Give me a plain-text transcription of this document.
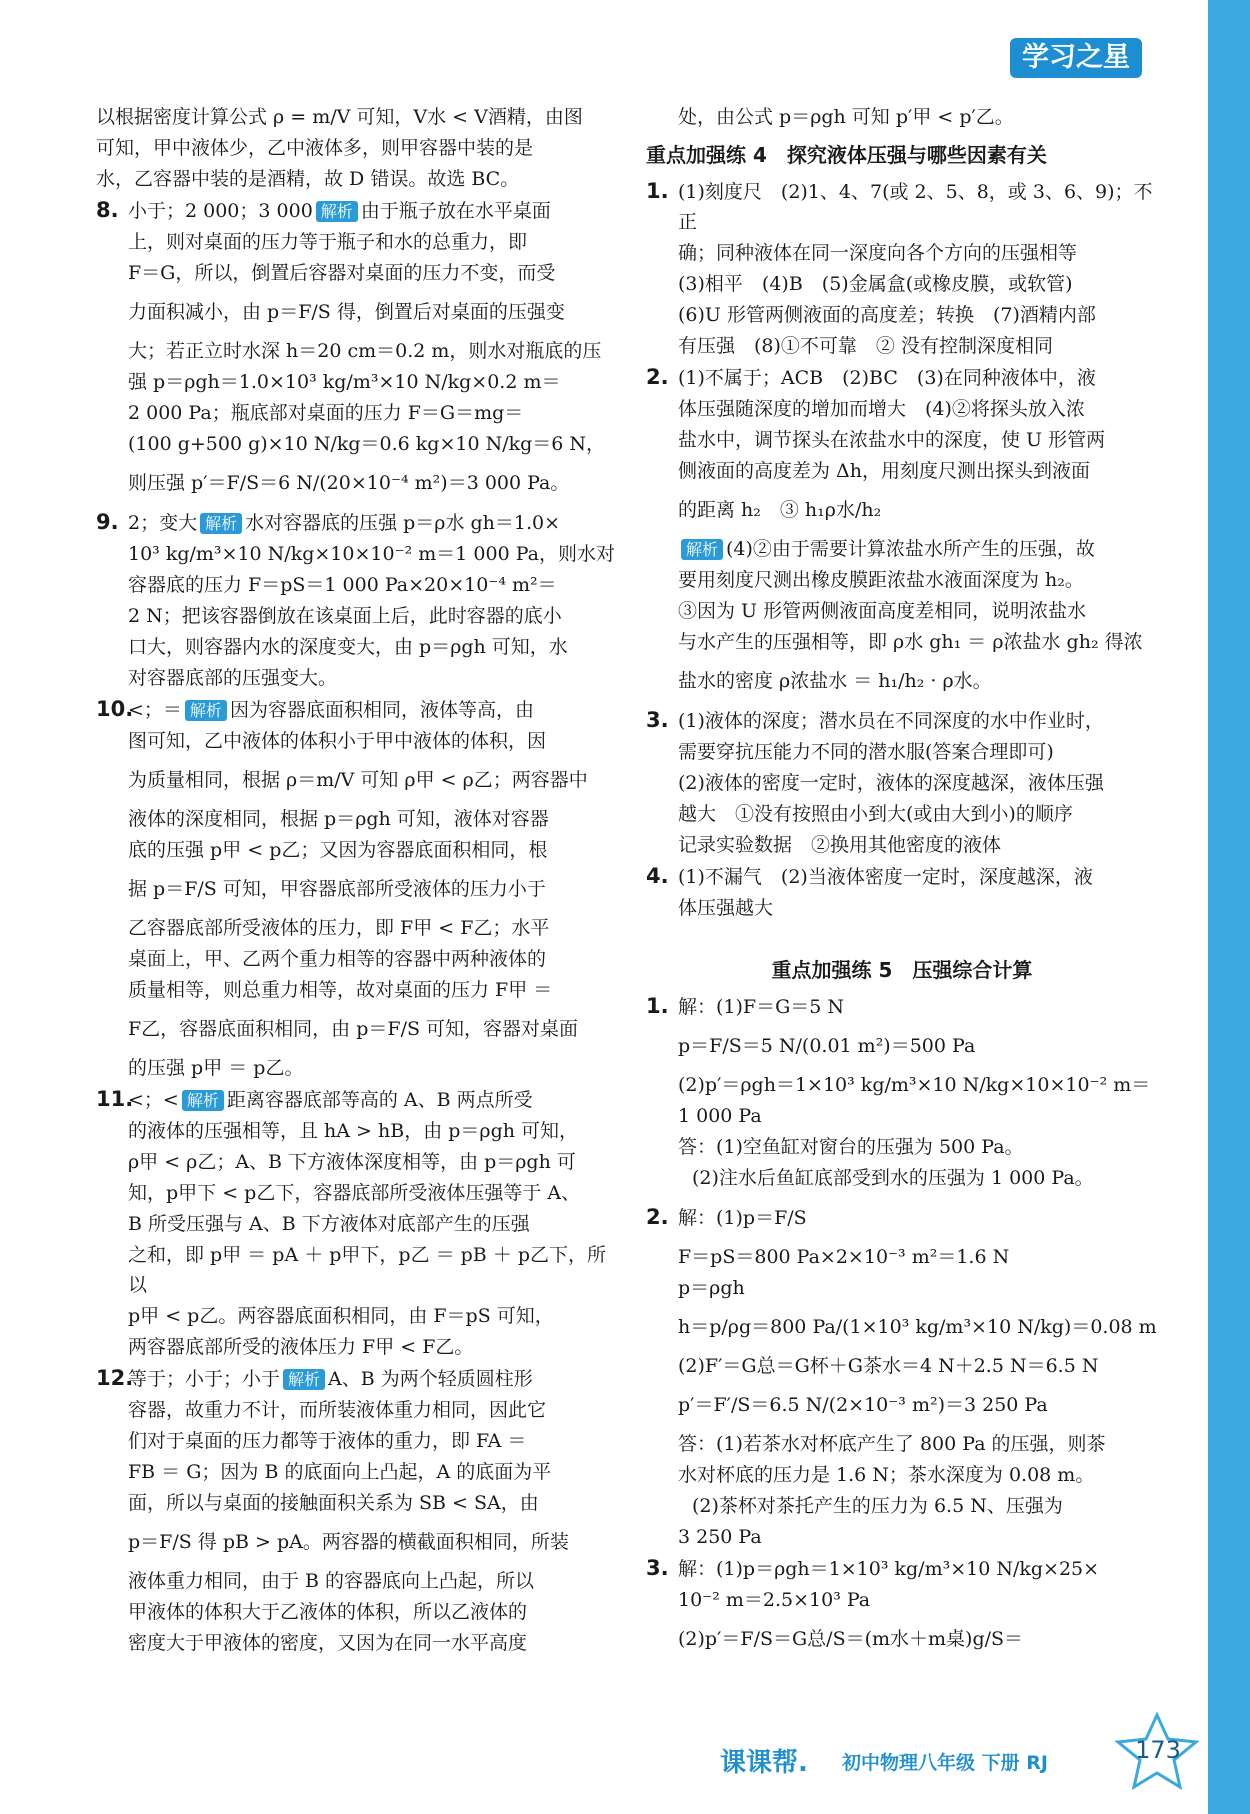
学习之星

以根据密度计算公式 ρ = m/V 可知，V水 < V酒精，由图

可知，甲中液体少，乙中液体多，则甲容器中装的是

水，乙容器中装的是酒精，故 D 错误。故选 BC。

8. 小于；2 000；3 000 解析 由于瓶子放在水平桌面

上，则对桌面的压力等于瓶子和水的总重力，即

F＝G，所以，倒置后容器对桌面的压力不变，而受

力面积减小，由 p＝F/S 得，倒置后对桌面的压强变

大；若正立时水深 h＝20 cm＝0.2 m，则水对瓶底的压

强 p＝ρgh＝1.0×10³ kg/m³×10 N/kg×0.2 m＝

2 000 Pa；瓶底部对桌面的压力 F＝G＝mg＝

(100 g+500 g)×10 N/kg＝0.6 kg×10 N/kg＝6 N，

则压强 p′＝F/S＝6 N/(20×10⁻⁴ m²)＝3 000 Pa。

9. 2；变大 解析 水对容器底的压强 p＝ρ水 gh＝1.0×

10³ kg/m³×10 N/kg×10×10⁻² m＝1 000 Pa，则水对

容器底的压力 F＝pS＝1 000 Pa×20×10⁻⁴ m²＝

2 N；把该容器倒放在该桌面上后，此时容器的底小

口大，则容器内水的深度变大，由 p＝ρgh 可知，水

对容器底部的压强变大。

10.<；＝ 解析 因为容器底面积相同，液体等高，由

图可知，乙中液体的体积小于甲中液体的体积，因

为质量相同，根据 ρ＝m/V 可知 ρ甲 < ρ乙；两容器中

液体的深度相同，根据 p＝ρgh 可知，液体对容器

底的压强 p甲 < p乙；又因为容器底面积相同，根

据 p＝F/S 可知，甲容器底部所受液体的压力小于

乙容器底部所受液体的压力，即 F甲 < F乙；水平

桌面上，甲、乙两个重力相等的容器中两种液体的

质量相等，则总重力相等，故对桌面的压力 F甲 ＝

F乙，容器底面积相同，由 p＝F/S 可知，容器对桌面

的压强 p甲 ＝ p乙。

11.<；< 解析 距离容器底部等高的 A、B 两点所受

的液体的压强相等，且 hA > hB，由 p＝ρgh 可知，

ρ甲 < ρ乙；A、B 下方液体深度相等，由 p＝ρgh 可

知，p甲下 < p乙下，容器底部所受液体压强等于 A、

B 所受压强与 A、B 下方液体对底部产生的压强

之和，即 p甲 ＝ pA ＋ p甲下，p乙 ＝ pB ＋ p乙下，所以

p甲 < p乙。两容器底面积相同，由 F＝pS 可知，

两容器底部所受的液体压力 F甲 < F乙。

12.等于；小于；小于 解析 A、B 为两个轻质圆柱形

容器，故重力不计，而所装液体重力相同，因此它

们对于桌面的压力都等于液体的重力，即 FA ＝

FB ＝ G；因为 B 的底面向上凸起，A 的底面为平

面，所以与桌面的接触面积关系为 SB < SA，由

p＝F/S 得 pB > pA。两容器的横截面积相同，所装

液体重力相同，由于 B 的容器底向上凸起，所以

甲液体的体积大于乙液体的体积，所以乙液体的

密度大于甲液体的密度，又因为在同一水平高度

处，由公式 p＝ρgh 可知 p′甲 < p′乙。

重点加强练 4　探究液体压强与哪些因素有关

1. (1)刻度尺　(2)1、4、7(或 2、5、8，或 3、6、9)；不正

确；同种液体在同一深度向各个方向的压强相等

(3)相平　(4)B　(5)金属盒(或橡皮膜，或软管)

(6)U 形管两侧液面的高度差；转换　(7)酒精内部

有压强　(8)①不可靠　② 没有控制深度相同

2. (1)不属于；ACB　(2)BC　(3)在同种液体中，液

体压强随深度的增加而增大　(4)②将探头放入浓

盐水中，调节探头在浓盐水中的深度，使 U 形管两

侧液面的高度差为 Δh，用刻度尺测出探头到液面

的距离 h₂　③ h₁ρ水/h₂

解析 (4)②由于需要计算浓盐水所产生的压强，故

要用刻度尺测出橡皮膜距浓盐水液面深度为 h₂。

③因为 U 形管两侧液面高度差相同，说明浓盐水

与水产生的压强相等，即 ρ水 gh₁ ＝ ρ浓盐水 gh₂ 得浓

盐水的密度 ρ浓盐水 ＝ h₁/h₂ · ρ水。

3. (1)液体的深度；潜水员在不同深度的水中作业时，

需要穿抗压能力不同的潜水服(答案合理即可)

(2)液体的密度一定时，液体的深度越深，液体压强

越大　①没有按照由小到大(或由大到小)的顺序

记录实验数据　②换用其他密度的液体

4. (1)不漏气　(2)当液体密度一定时，深度越深，液

体压强越大

重点加强练 5　压强综合计算

1. 解：(1)F＝G＝5 N

p＝F/S＝5 N/(0.01 m²)＝500 Pa

(2)p′＝ρgh＝1×10³ kg/m³×10 N/kg×10×10⁻² m＝

1 000 Pa

答：(1)空鱼缸对窗台的压强为 500 Pa。

(2)注水后鱼缸底部受到水的压强为 1 000 Pa。

2. 解：(1)p＝F/S

F＝pS＝800 Pa×2×10⁻³ m²＝1.6 N

p＝ρgh

h＝p/ρg＝800 Pa/(1×10³ kg/m³×10 N/kg)＝0.08 m

(2)F′＝G总＝G杯＋G茶水＝4 N＋2.5 N＝6.5 N

p′＝F′/S＝6.5 N/(2×10⁻³ m²)＝3 250 Pa

答：(1)若茶水对杯底产生了 800 Pa 的压强，则茶

水对杯底的压力是 1.6 N；茶水深度为 0.08 m。

(2)茶杯对茶托产生的压力为 6.5 N、压强为

3 250 Pa

3. 解：(1)p＝ρgh＝1×10³ kg/m³×10 N/kg×25×

10⁻² m＝2.5×10³ Pa

(2)p′＝F/S＝G总/S＝(m水＋m桌)g/S＝

课课帮. 初中物理八年级 下册 RJ	173
